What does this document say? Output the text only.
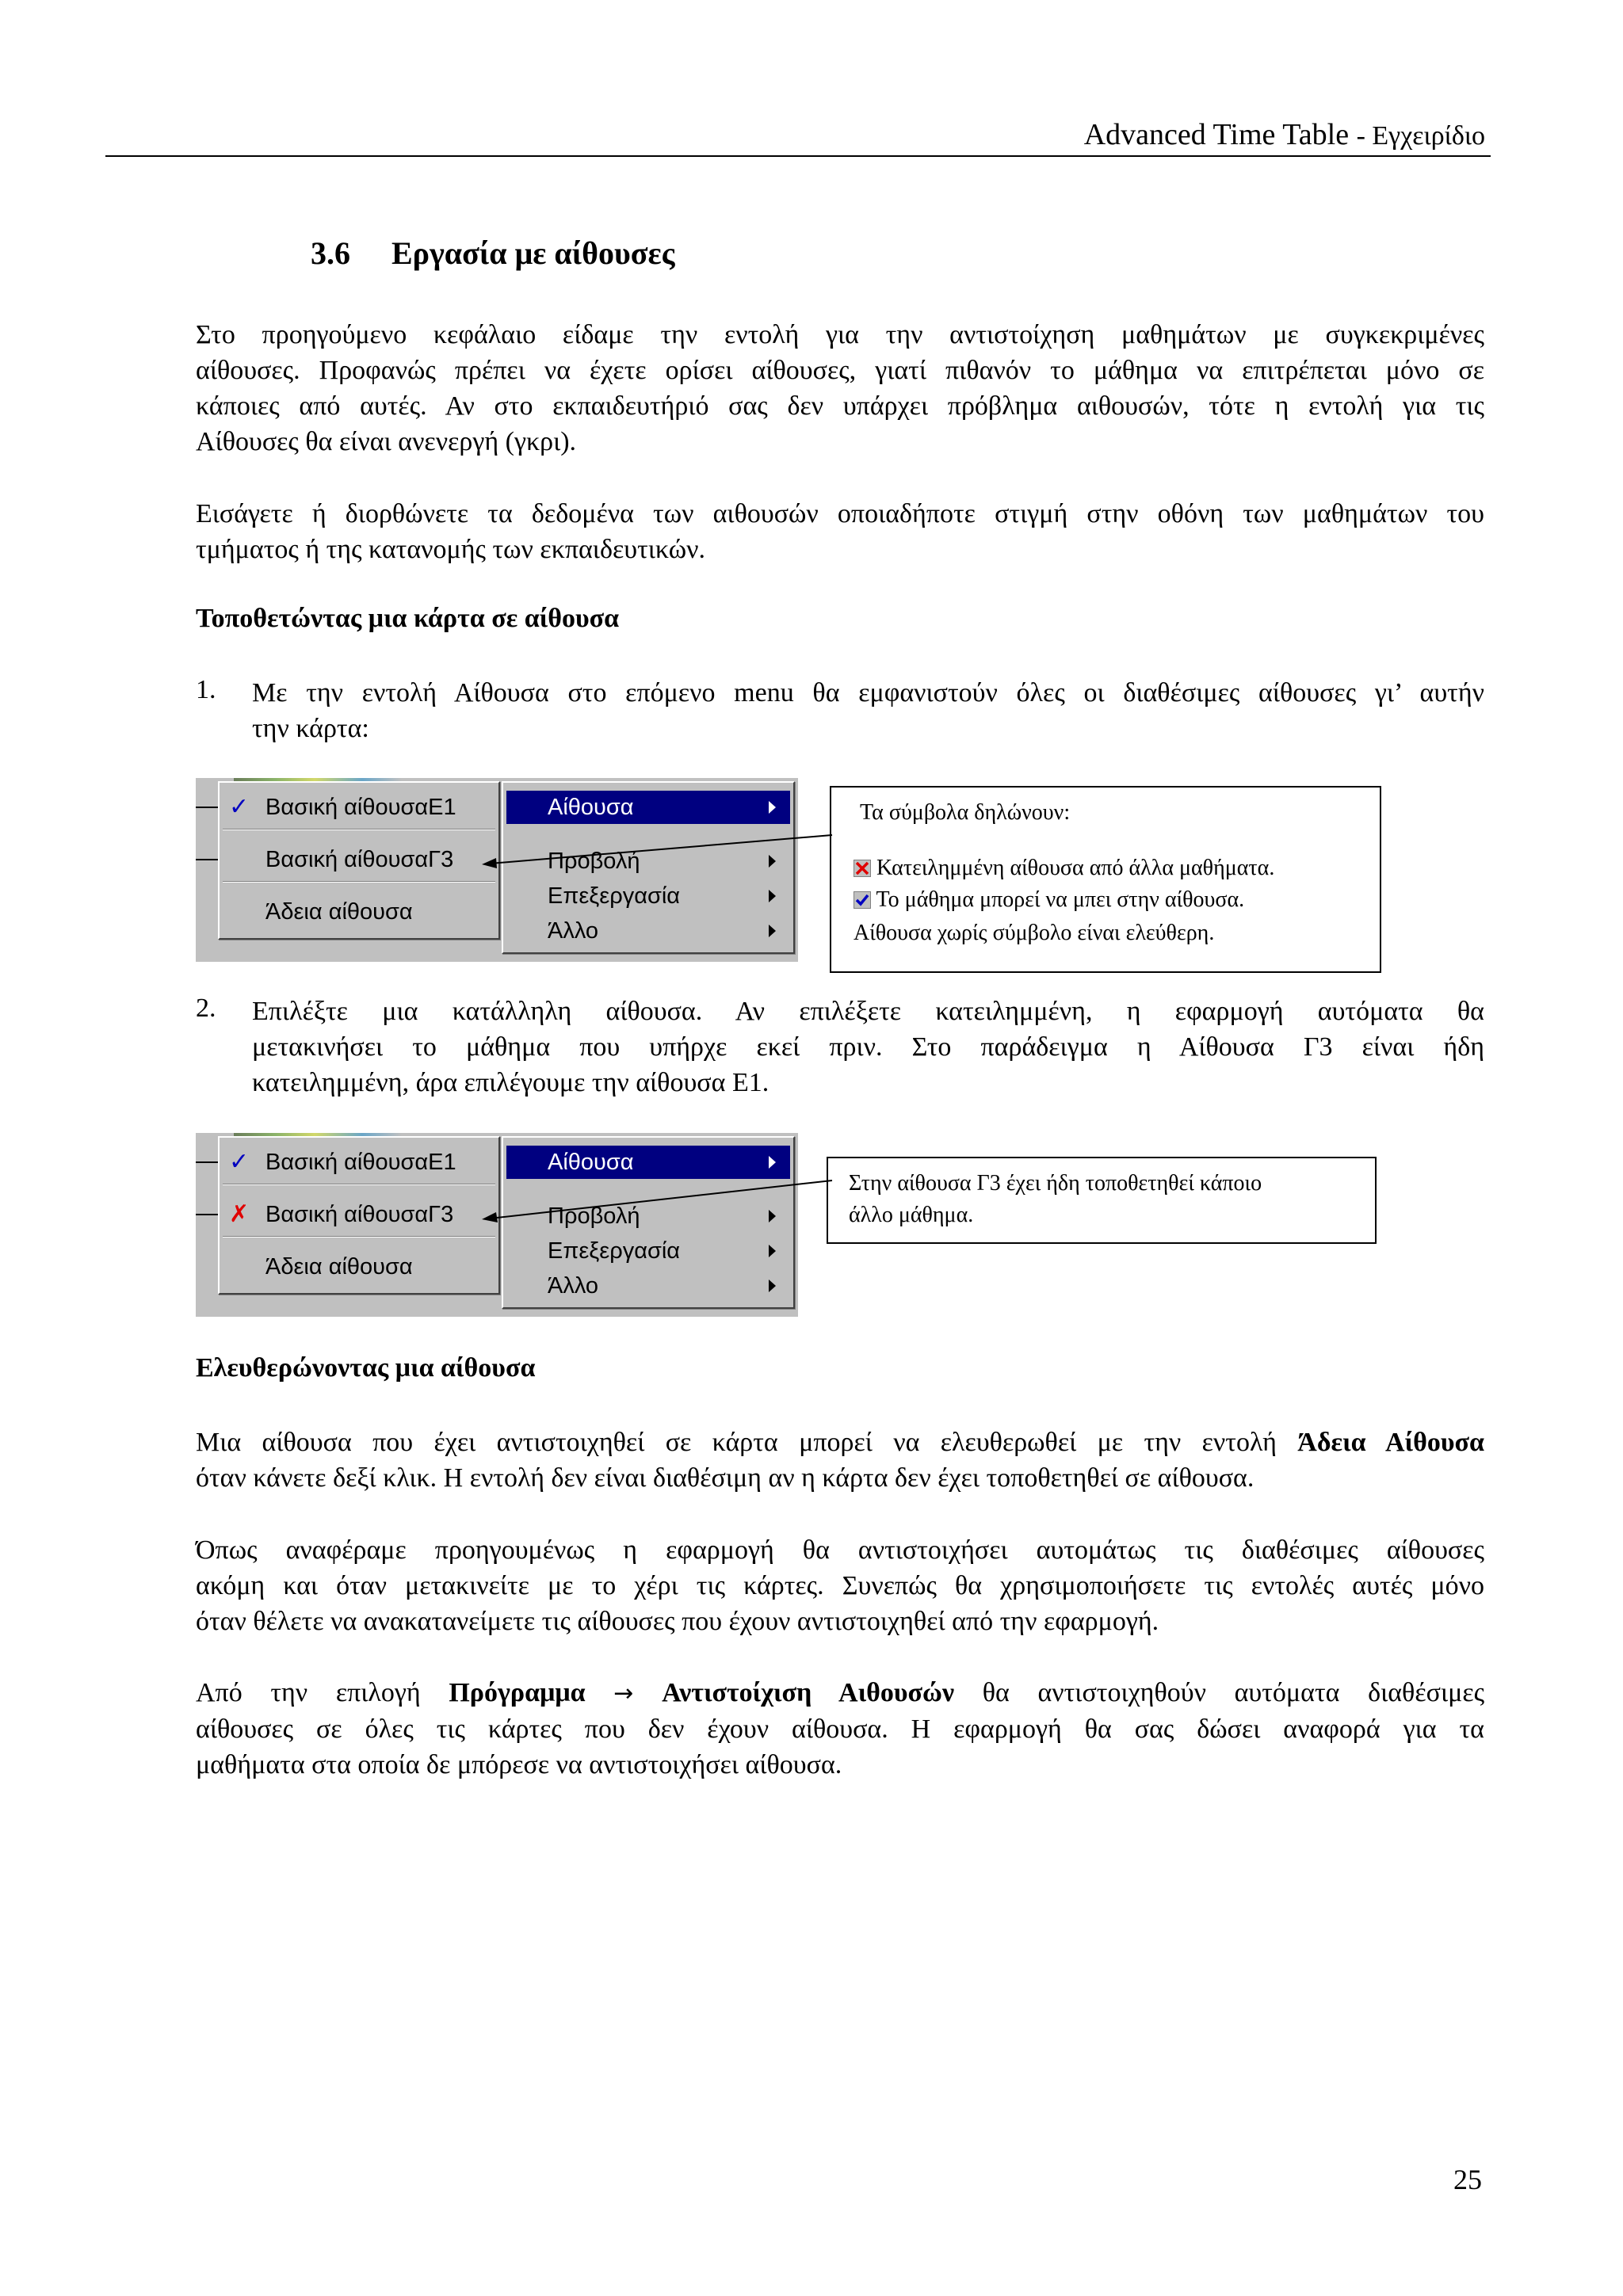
Advanced Time Table - Εγχειρίδιο
3.6 Εργασία με αίθουσες
Στο προηγούμενο κεφάλαιο είδαμε την εντολή για την αντιστοίχηση μαθημάτων με συγκεκριμένες
αίθουσες. Προφανώς πρέπει να έχετε ορίσει αίθουσες, γιατί πιθανόν το μάθημα να επιτρέπεται μόνο σε
κάποιες από αυτές. Αν στο εκπαιδευτήριό σας δεν υπάρχει πρόβλημα αιθουσών, τότε η εντολή για τις
Αίθουσες θα είναι ανενεργή (γκρι).
Εισάγετε ή διορθώνετε τα δεδομένα των αιθουσών οποιαδήποτε στιγμή στην οθόνη των μαθημάτων του
τμήματος ή της κατανομής των εκπαιδευτικών.
Τοποθετώντας μια κάρτα σε αίθουσα
1. Με την εντολή Αίθουσα στο επόμενο menu θα εμφανιστούν όλες οι διαθέσιμες αίθουσες γι’ αυτήν
την κάρτα:
✓ Βασική αίθουσαΕ1
Βασική αίθουσαΓ3
Άδεια αίθουσα
Αίθουσα
Προβολή
Επεξεργασία
Άλλο
Τα σύμβολα δηλώνουν:
Κατειλημμένη αίθουσα από άλλα μαθήματα.
Το μάθημα μπορεί να μπει στην αίθουσα.
Αίθουσα χωρίς σύμβολο είναι ελεύθερη.
2. Επιλέξτε μια κατάλληλη αίθουσα. Αν επιλέξετε κατειλημμένη, η εφαρμογή αυτόματα θα
μετακινήσει το μάθημα που υπήρχε εκεί πριν. Στο παράδειγμα η Αίθουσα Γ3 είναι ήδη
κατειλημμένη, άρα επιλέγουμε την αίθουσα Ε1.
✓ Βασική αίθουσαΕ1
✗ Βασική αίθουσαΓ3
Άδεια αίθουσα
Αίθουσα
Προβολή
Επεξεργασία
Άλλο
Στην αίθουσα Γ3 έχει ήδη τοποθετηθεί κάποιο
άλλο μάθημα.
Ελευθερώνοντας μια αίθουσα
Μια αίθουσα που έχει αντιστοιχηθεί σε κάρτα μπορεί να ελευθερωθεί με την εντολή Άδεια Αίθουσα
όταν κάνετε δεξί κλικ. Η εντολή δεν είναι διαθέσιμη αν η κάρτα δεν έχει τοποθετηθεί σε αίθουσα.
Όπως αναφέραμε προηγουμένως η εφαρμογή θα αντιστοιχήσει αυτομάτως τις διαθέσιμες αίθουσες
ακόμη και όταν μετακινείτε με το χέρι τις κάρτες. Συνεπώς θα χρησιμοποιήσετε τις εντολές αυτές μόνο
όταν θέλετε να ανακατανείμετε τις αίθουσες που έχουν αντιστοιχηθεί από την εφαρμογή.
Από την επιλογή Πρόγραμμα → Αντιστοίχιση Αιθουσών θα αντιστοιχηθούν αυτόματα διαθέσιμες
αίθουσες σε όλες τις κάρτες που δεν έχουν αίθουσα. Η εφαρμογή θα σας δώσει αναφορά για τα
μαθήματα στα οποία δε μπόρεσε να αντιστοιχήσει αίθουσα.
25
